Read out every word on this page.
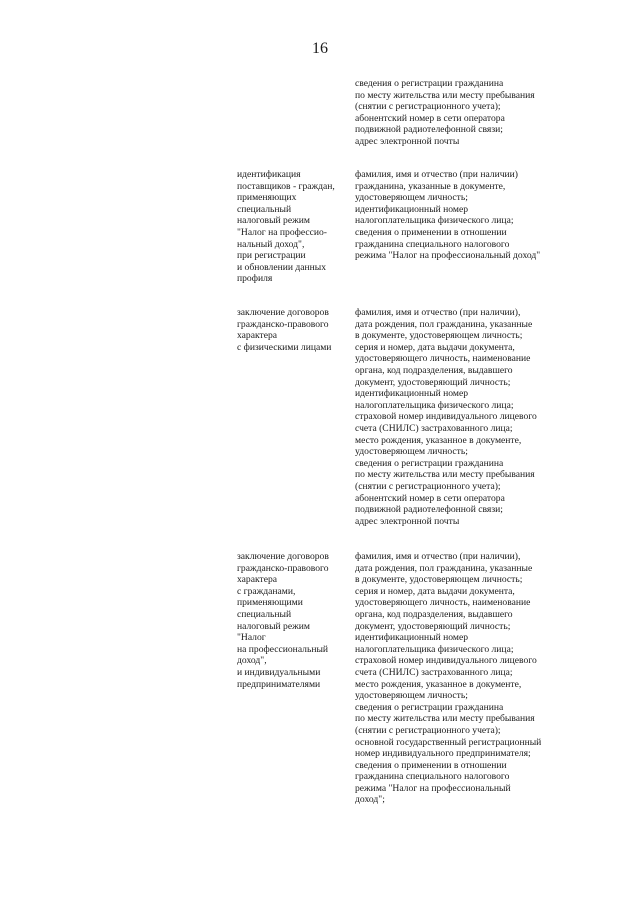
16
сведения о регистрации гражданина
по месту жительства или месту пребывания
(снятии с регистрационного учета);
абонентский номер в сети оператора
подвижной радиотелефонной связи;
адрес электронной почты
идентификация
поставщиков - граждан,
применяющих
специальный
налоговый режим
"Налог на профессио-
нальный доход",
при регистрации
и обновлении данных
профиля
фамилия, имя и отчество (при наличии)
гражданина, указанные в документе,
удостоверяющем личность;
идентификационный номер
налогоплательщика физического лица;
сведения о применении в отношении
гражданина специального налогового
режима "Налог на профессиональный доход"
заключение договоров
гражданско-правового
характера
с физическими лицами
фамилия, имя и отчество (при наличии),
дата рождения, пол гражданина, указанные
в документе, удостоверяющем личность;
серия и номер, дата выдачи документа,
удостоверяющего личность, наименование
органа, код подразделения, выдавшего
документ, удостоверяющий личность;
идентификационный номер
налогоплательщика физического лица;
страховой номер индивидуального лицевого
счета (СНИЛС) застрахованного лица;
место рождения, указанное в документе,
удостоверяющем личность;
сведения о регистрации гражданина
по месту жительства или месту пребывания
(снятии с регистрационного учета);
абонентский номер в сети оператора
подвижной радиотелефонной связи;
адрес электронной почты
заключение договоров
гражданско-правового
характера
с гражданами,
применяющими
специальный
налоговый режим
"Налог
на профессиональный
доход",
и индивидуальными
предпринимателями
фамилия, имя и отчество (при наличии),
дата рождения, пол гражданина, указанные
в документе, удостоверяющем личность;
серия и номер, дата выдачи документа,
удостоверяющего личность, наименование
органа, код подразделения, выдавшего
документ, удостоверяющий личность;
идентификационный номер
налогоплательщика физического лица;
страховой номер индивидуального лицевого
счета (СНИЛС) застрахованного лица;
место рождения, указанное в документе,
удостоверяющем личность;
сведения о регистрации гражданина
по месту жительства или месту пребывания
(снятии с регистрационного учета);
основной государственный регистрационный
номер индивидуального предпринимателя;
сведения о применении в отношении
гражданина специального налогового
режима "Налог на профессиональный
доход";
